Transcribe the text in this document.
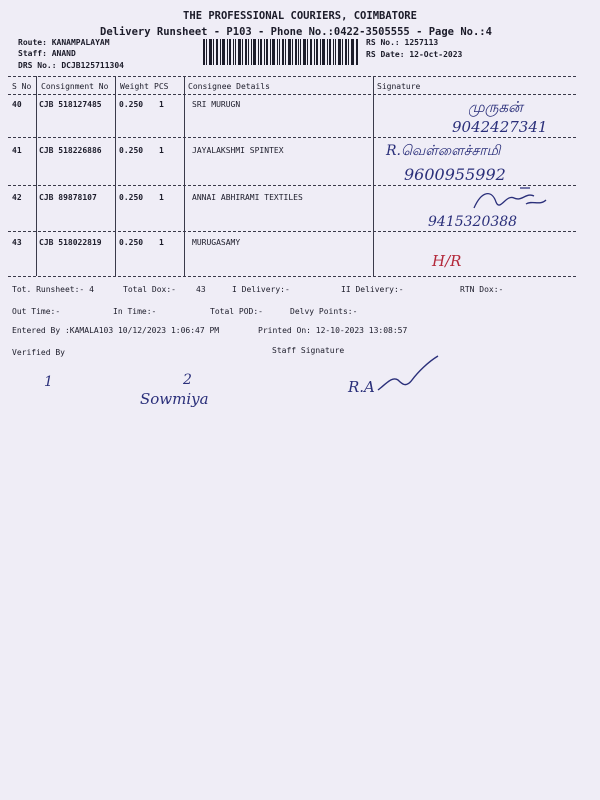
THE PROFESSIONAL COURIERS, COIMBATORE
Delivery Runsheet - P103 - Phone No.:0422-3505555 - Page No.:4
Route: KANAMPALAYAM
Staff: ANAND
DRS No.: DCJB125711304
RS No.: 1257113
RS Date: 12-Oct-2023
S No Consignment No Weight PCS Consignee Details	Signature
40 CJB 518127485 0.250 1	SRI MURUGN	முருகன்
9042427341
41 CJB 518226886 0.250 1	JAYALAKSHMI SPINTEX	R.வெள்ளைச்சாமி
9600955992
42 CJB 89878107	0.250 1	ANNAI ABHIRAMI TEXTILES
9415320388
43 CJB 518022819 0.250 1	MURUGASAMY
H/R
Tot. Runsheet:- 4	Total Dox:-	43	I Delivery:-	II Delivery:-	RTN Dox:-
Out Time:-	In Time:-	Total POD:-	Delvy Points:-
Entered By :KAMALA103 10/12/2023 1:06:47 PM	Printed On: 12-10-2023 13:08:57
Verified By	Staff Signature
1	2
Sowmiya
R.A
